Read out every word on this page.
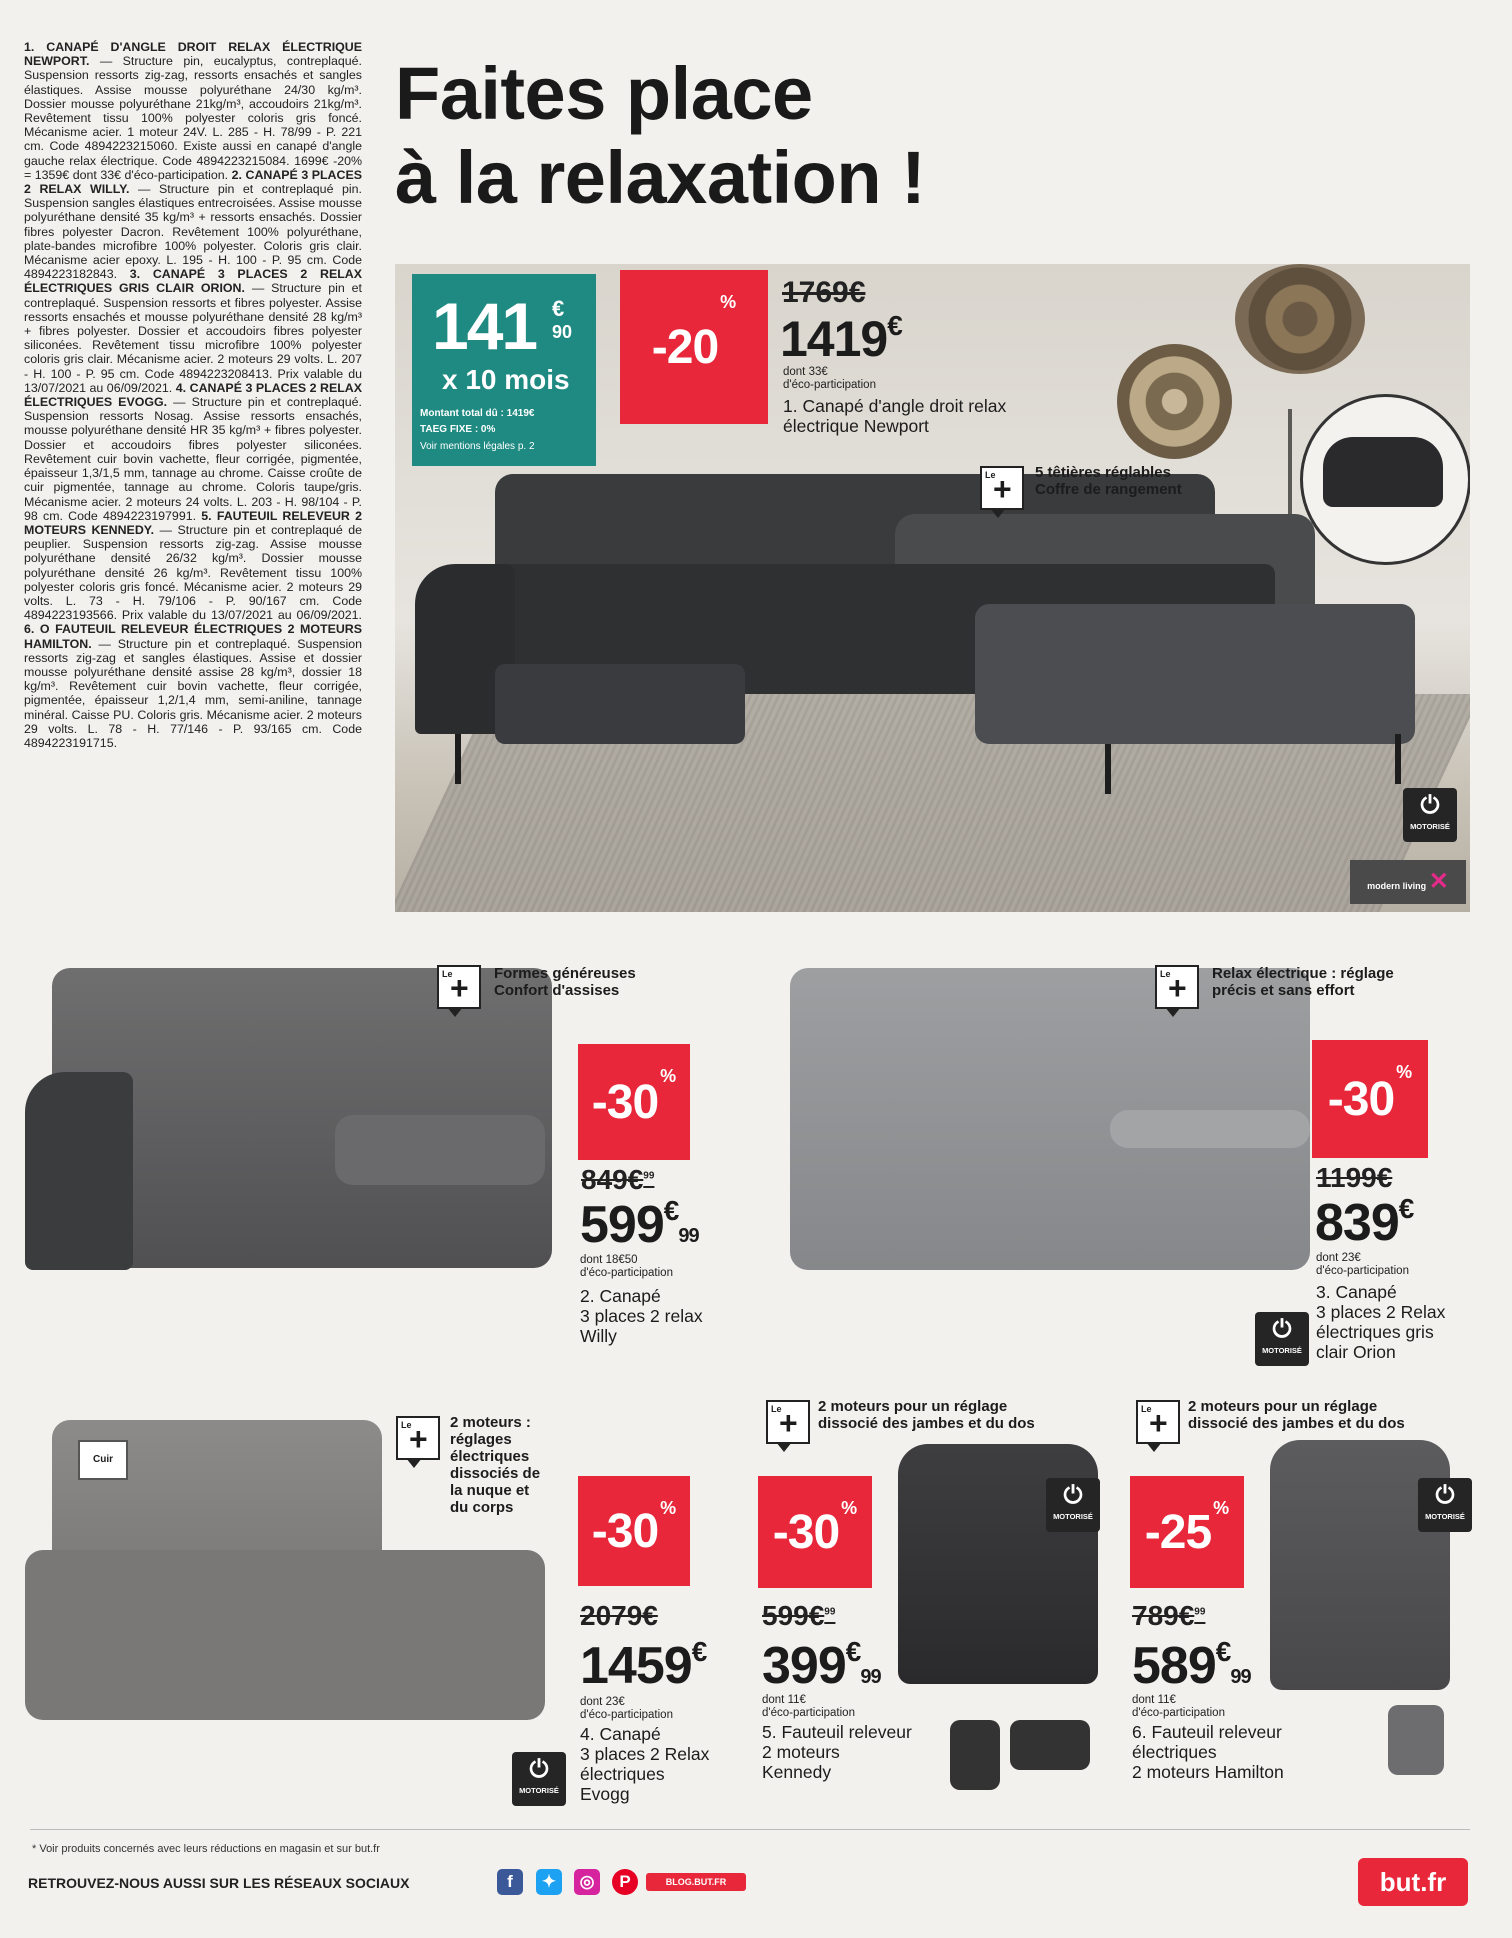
1. CANAPÉ D'ANGLE DROIT RELAX ÉLECTRIQUE NEWPORT. — Structure pin, eucalyptus, contreplaqué. Suspension ressorts zig-zag, ressorts ensachés et sangles élastiques. Assise mousse polyuréthane 24/30 kg/m³. Dossier mousse polyuréthane 21kg/m³, accoudoirs 21kg/m³. Revêtement tissu 100% polyester coloris gris foncé. Mécanisme acier. 1 moteur 24V. L. 285 - H. 78/99 - P. 221 cm. Code 4894223215060. Existe aussi en canapé d'angle gauche relax électrique. Code 4894223215084. 1699€ -20% = 1359€ dont 33€ d'éco-participation. 2. CANAPÉ 3 PLACES 2 RELAX WILLY. — Structure pin et contreplaqué pin. Suspension sangles élastiques entrecroisées. Assise mousse polyuréthane densité 35 kg/m³ + ressorts ensachés. Dossier fibres polyester Dacron. Revêtement 100% polyuréthane, plate-bandes microfibre 100% polyester. Coloris gris clair. Mécanisme acier epoxy. L. 195 - H. 100 - P. 95 cm. Code 4894223182843. 3. CANAPÉ 3 PLACES 2 RELAX ÉLECTRIQUES GRIS CLAIR ORION. — Structure pin et contreplaqué. Suspension ressorts et fibres polyester. Assise ressorts ensachés et mousse polyuréthane densité 28 kg/m³ + fibres polyester. Dossier et accoudoirs fibres polyester siliconées. Revêtement tissu microfibre 100% polyester coloris gris clair. Mécanisme acier. 2 moteurs 29 volts. L. 207 - H. 100 - P. 95 cm. Code 4894223208413. Prix valable du 13/07/2021 au 06/09/2021. 4. CANAPÉ 3 PLACES 2 RELAX ÉLECTRIQUES EVOGG. — Structure pin et contreplaqué. Suspension ressorts Nosag. Assise ressorts ensachés, mousse polyuréthane densité HR 35 kg/m³ + fibres polyester. Dossier et accoudoirs fibres polyester siliconées. Revêtement cuir bovin vachette, fleur corrigée, pigmentée, épaisseur 1,3/1,5 mm, tannage au chrome. Caisse croûte de cuir pigmentée, tannage au chrome. Coloris taupe/gris. Mécanisme acier. 2 moteurs 24 volts. L. 203 - H. 98/104 - P. 98 cm. Code 4894223197991. 5. FAUTEUIL RELEVEUR 2 MOTEURS KENNEDY. — Structure pin et contreplaqué de peuplier. Suspension ressorts zig-zag. Assise mousse polyuréthane densité 26/32 kg/m³. Dossier mousse polyuréthane densité 26 kg/m³. Revêtement tissu 100% polyester coloris gris foncé. Mécanisme acier. 2 moteurs 29 volts. L. 73 - H. 79/106 - P. 90/167 cm. Code 4894223193566. Prix valable du 13/07/2021 au 06/09/2021. 6. O FAUTEUIL RELEVEUR ÉLECTRIQUES 2 MOTEURS HAMILTON. — Structure pin et contreplaqué. Suspension ressorts zig-zag et sangles élastiques. Assise et dossier mousse polyuréthane densité assise 28 kg/m³, dossier 18 kg/m³. Revêtement cuir bovin vachette, fleur corrigée, pigmentée, épaisseur 1,2/1,4 mm, semi-aniline, tannage minéral. Caisse PU. Coloris gris. Mécanisme acier. 2 moteurs 29 volts. L. 78 - H. 77/146 - P. 93/165 cm. Code 4894223191715.

Faites place
à la relaxation !
141 €
90
x 10 mois
Montant total dû : 1419€
TAEG FIXE : 0%
Voir mentions légales p. 2
-20
% 1769€
1419€
dont 33€
d'éco-participation
1. Canapé d'angle droit relax
électrique Newport
Le
+ 5 têtières réglables
Coffre de rangement
⏻
MOTORISÉ
modern living ✕
Le
+ Formes généreuses
Confort d'assises
-30 %
849€$^{99}$
599€99
dont 18€50
d'éco-participation
2. Canapé
3 places 2 relax
Willy
Le
+ Relax électrique : réglage
précis et sans effort
-30
%
1199€
839€
dont 23€
d'éco-participation
3. Canapé
3 places 2 Relax
électriques gris
clair Orion
⏻
MOTORISÉ
Cuir
Le
+ 2 moteurs :
réglages
électriques
dissociés de
la nuque et
du corps	-30 %
2079€
1459€
dont 23€
d'éco-participation
4. Canapé
3 places 2 Relax
électriques
Evogg
⏻
MOTORISÉ
Le
+ 2 moteurs pour un réglage
dissocié des jambes et du dos
-30 %
599€$^{99}$
399€99
dont 11€
d'éco-participation
5. Fauteuil releveur
2 moteurs
Kennedy
⏻
MOTORISÉ
Le
+ 2 moteurs pour un réglage
dissocié des jambes et du dos
-25 %
789€$^{99}$
589€99
dont 11€
d'éco-participation
6. Fauteuil releveur
électriques
2 moteurs Hamilton
⏻
MOTORISÉ
* Voir produits concernés avec leurs réductions en magasin et sur but.fr
RETROUVEZ-NOUS AUSSI SUR LES RÉSEAUX SOCIAUX	f	✦	◎	P	BLOG.BUT.FR	but.fr
